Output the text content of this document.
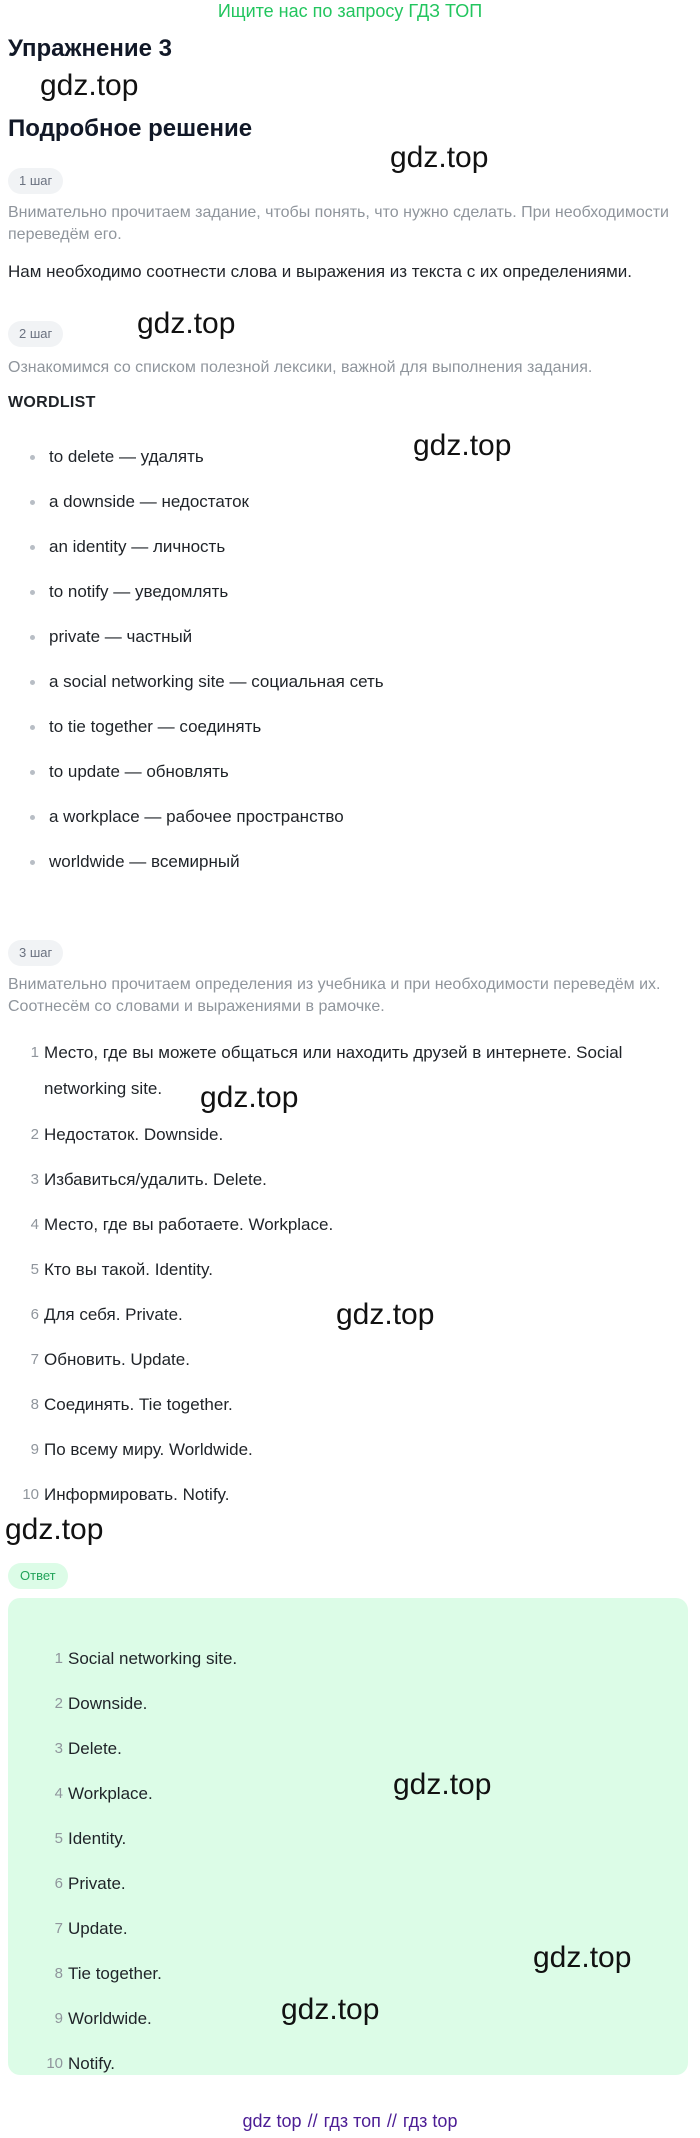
Ищите нас по запросу ГДЗ ТОП
Упражнение 3
gdz.top
Подробное решение
gdz.top
1 шаг
Внимательно прочитаем задание, чтобы понять, что нужно сделать. При необходимости переведём его.
Нам необходимо соотнести слова и выражения из текста с их определениями.
2 шаг	gdz.top
Ознакомимся со списком полезной лексики, важной для выполнения задания.
WORDLIST
gdz.top
to delete — удалять
a downside — недостаток
an identity — личность
to notify — уведомлять
private — частный
a social networking site — социальная сеть
to tie together — соединять
to update — обновлять
a workplace — рабочее пространство
worldwide — всемирный
3 шаг
Внимательно прочитаем определения из учебника и при необходимости переведём их. Соотнесём со словами и выражениями в рамочке.
1 Место, где вы можете общаться или находить друзей в интернете. Social networking site.
2 Недостаток. Downside.
3 Избавиться/удалить. Delete.
4 Место, где вы работаете. Workplace.
5 Кто вы такой. Identity.
6 Для себя. Private.
7 Обновить. Update.
8 Соединять. Tie together.
9 По всему миру. Worldwide.
10 Информировать. Notify.
gdz.top
gdz.top
gdz.top
Ответ
1 Social networking site.
2 Downside.
3 Delete.
4 Workplace.
5 Identity.
6 Private.
7 Update.
8 Tie together.
9 Worldwide.
10 Notify.
gdz.top
gdz.top
gdz.top
gdz top // гдз топ // гдз top
